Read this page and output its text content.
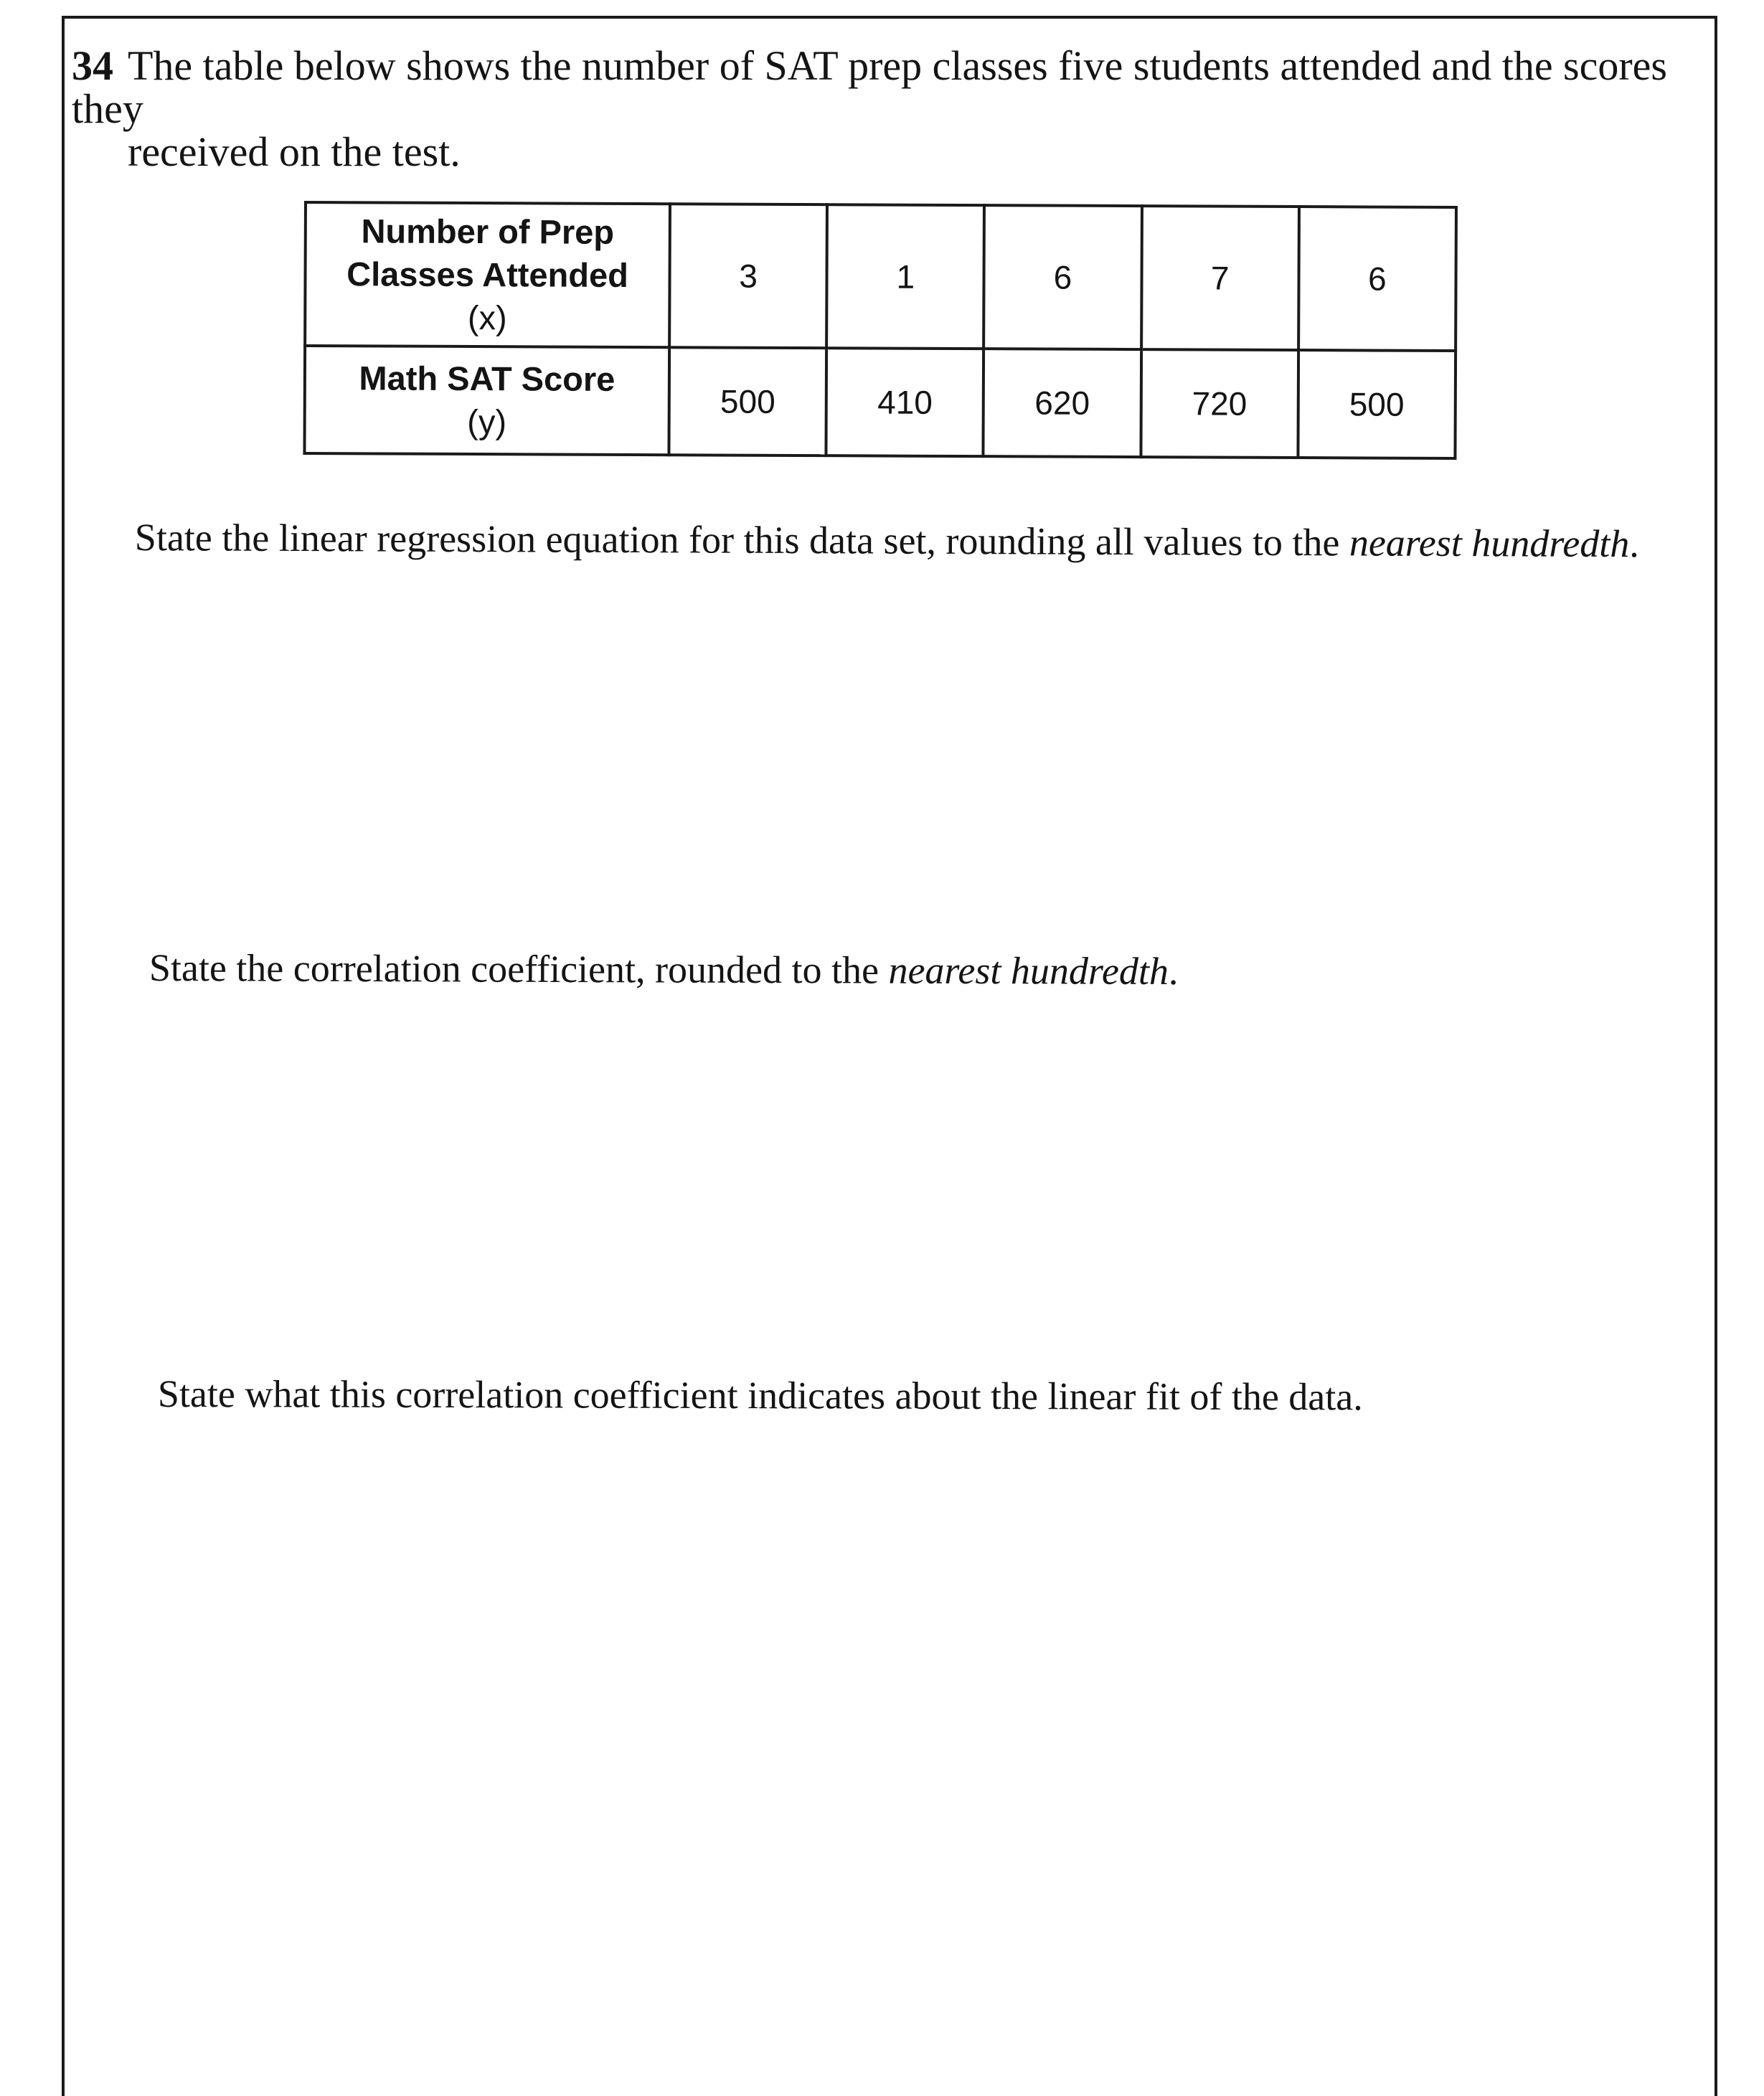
34 The table below shows the number of SAT prep classes five students attended and the scores they
received on the test.
Number of Prep
Classes Attended
(x)	3	1	6	7	6
Math SAT Score
(y)	500	410	620	720	500
State the linear regression equation for this data set, rounding all values to the nearest hundredth.
State the correlation coefficient, rounded to the nearest hundredth.
State what this correlation coefficient indicates about the linear fit of the data.
